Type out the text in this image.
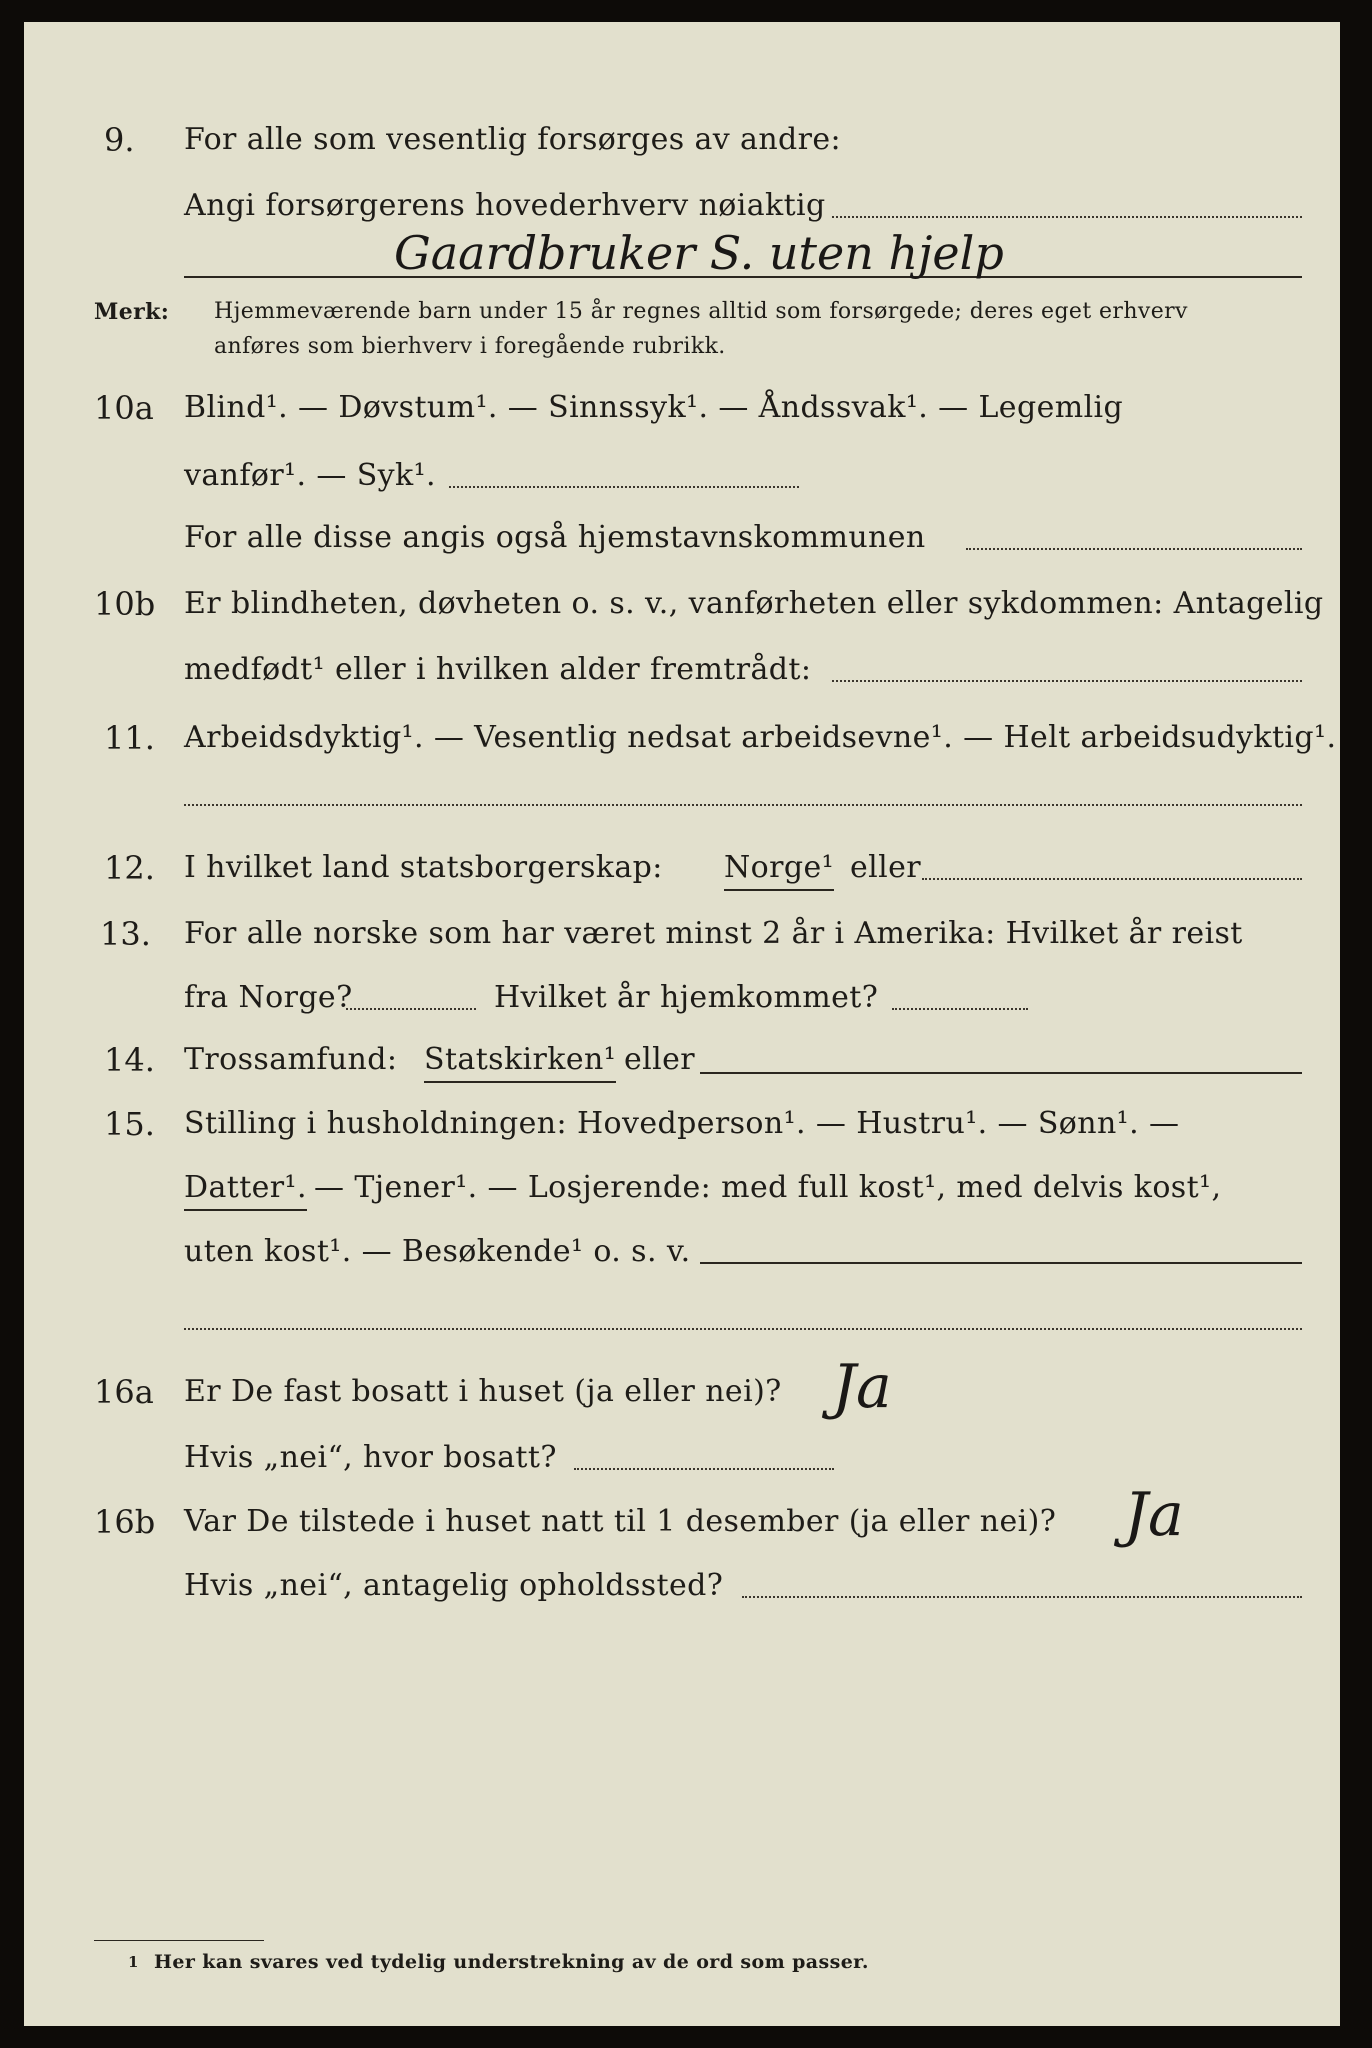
9. For alle som vesentlig forsørges av andre:
Angi forsørgerens hovederhverv nøiaktig
Gaardbruker S. uten hjelp
Merk: Hjemmeværende barn under 15 år regnes alltid som forsørgede; deres eget erhverv
anføres som bierhverv i foregående rubrikk.
10a Blind¹. — Døvstum¹. — Sinnssyk¹. — Åndssvak¹. — Legemlig
vanfør¹. — Syk¹.
For alle disse angis også hjemstavnskommunen
10b Er blindheten, døvheten o. s. v., vanførheten eller sykdommen: Antagelig
medfødt¹ eller i hvilken alder fremtrådt:
11. Arbeidsdyktig¹. — Vesentlig nedsat arbeidsevne¹. — Helt arbeidsudyktig¹.
12. I hvilket land statsborgerskap: Norge¹ eller
13. For alle norske som har været minst 2 år i Amerika: Hvilket år reist
fra Norge?	Hvilket år hjemkommet?
14. Trossamfund: Statskirken¹ eller
15. Stilling i husholdningen: Hovedperson¹. — Hustru¹. — Sønn¹. —
Datter¹. — Tjener¹. — Losjerende: med full kost¹, med delvis kost¹,
uten kost¹. — Besøkende¹ o. s. v.
16a Er De fast bosatt i huset (ja eller nei)? Ja
Hvis „nei“, hvor bosatt?
16b Var De tilstede i huset natt til 1 desember (ja eller nei)? Ja
Hvis „nei“, antagelig opholdssted?
1 Her kan svares ved tydelig understrekning av de ord som passer.
